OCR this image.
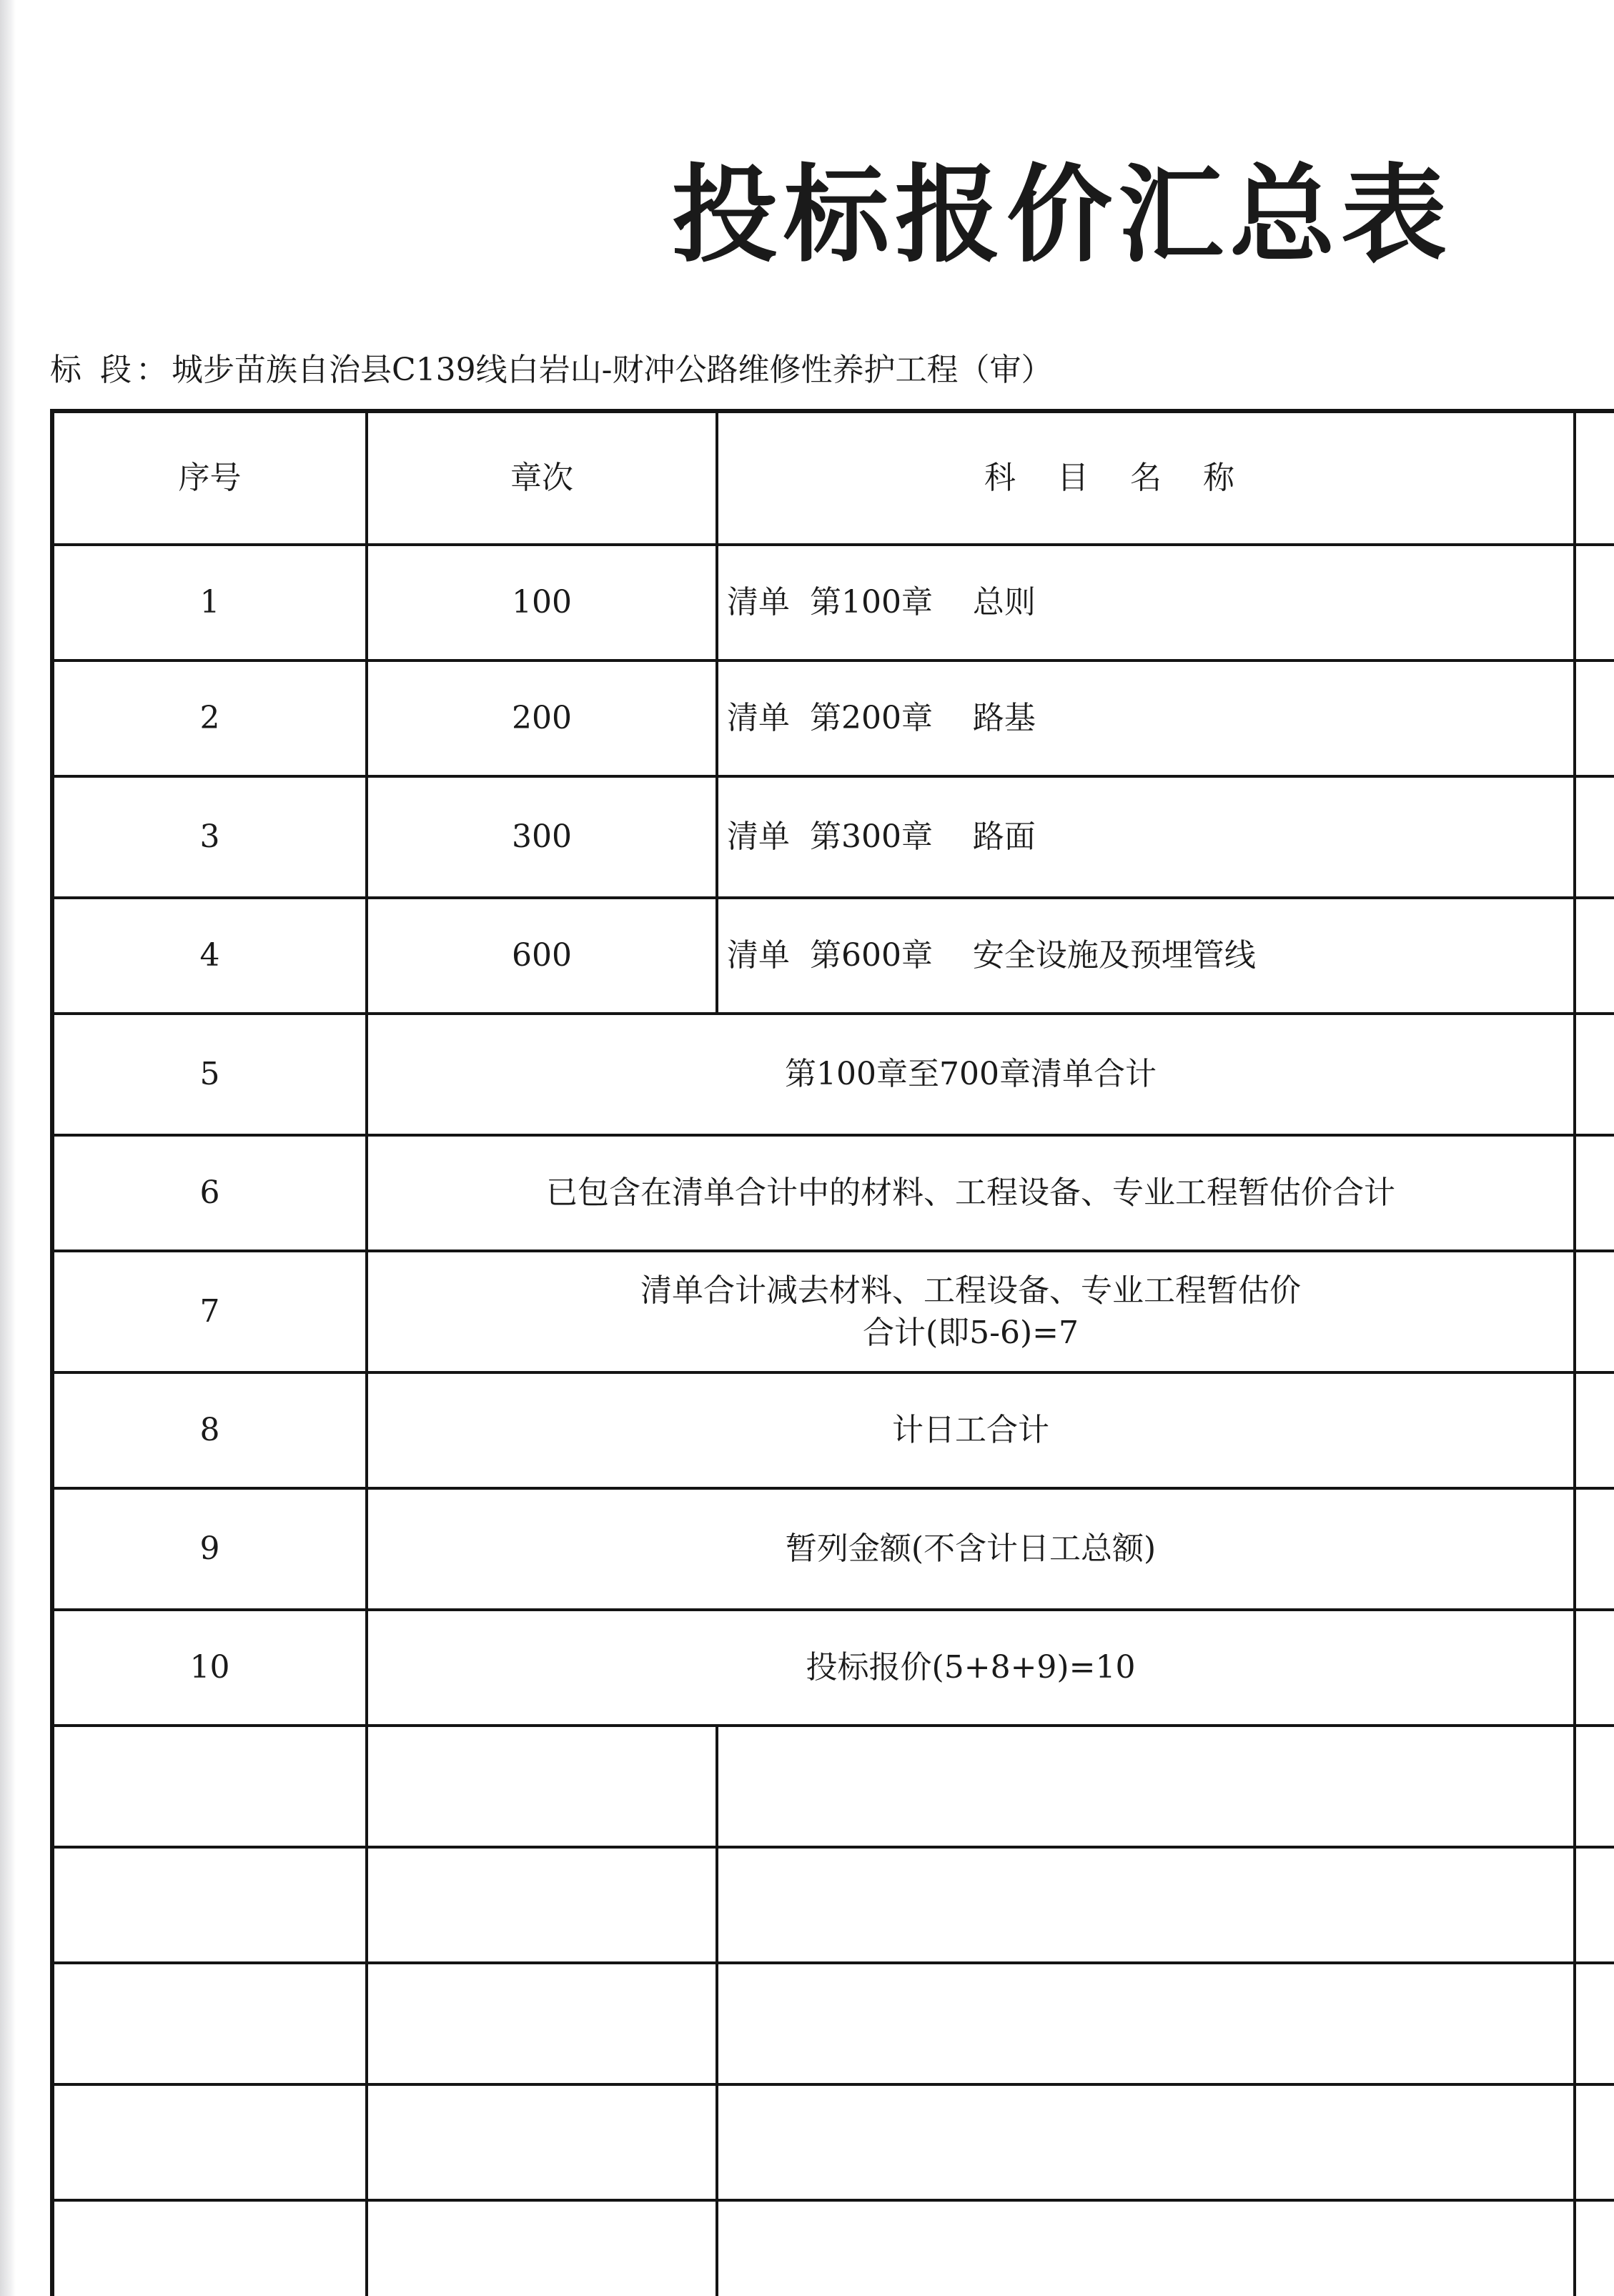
投标报价汇总表
标 段：城步苗族自治县C139线白岩山-财冲公路维修性养护工程（审）
序号	章次	科 目 名 称	
1	100	清单  第100章    总则	
2	200	清单  第200章    路基	
3	300	清单  第300章    路面	
4	600	清单  第600章    安全设施及预埋管线	
5	第100章至700章清单合计		
6	已包含在清单合计中的材料、工程设备、专业工程暂估价合计		
7	清单合计减去材料、工程设备、专业工程暂估价
合计(即5-6)=7		

8	计日工合计		
9	暂列金额(不含计日工总额)		
10	投标报价(5+8+9)=10		
